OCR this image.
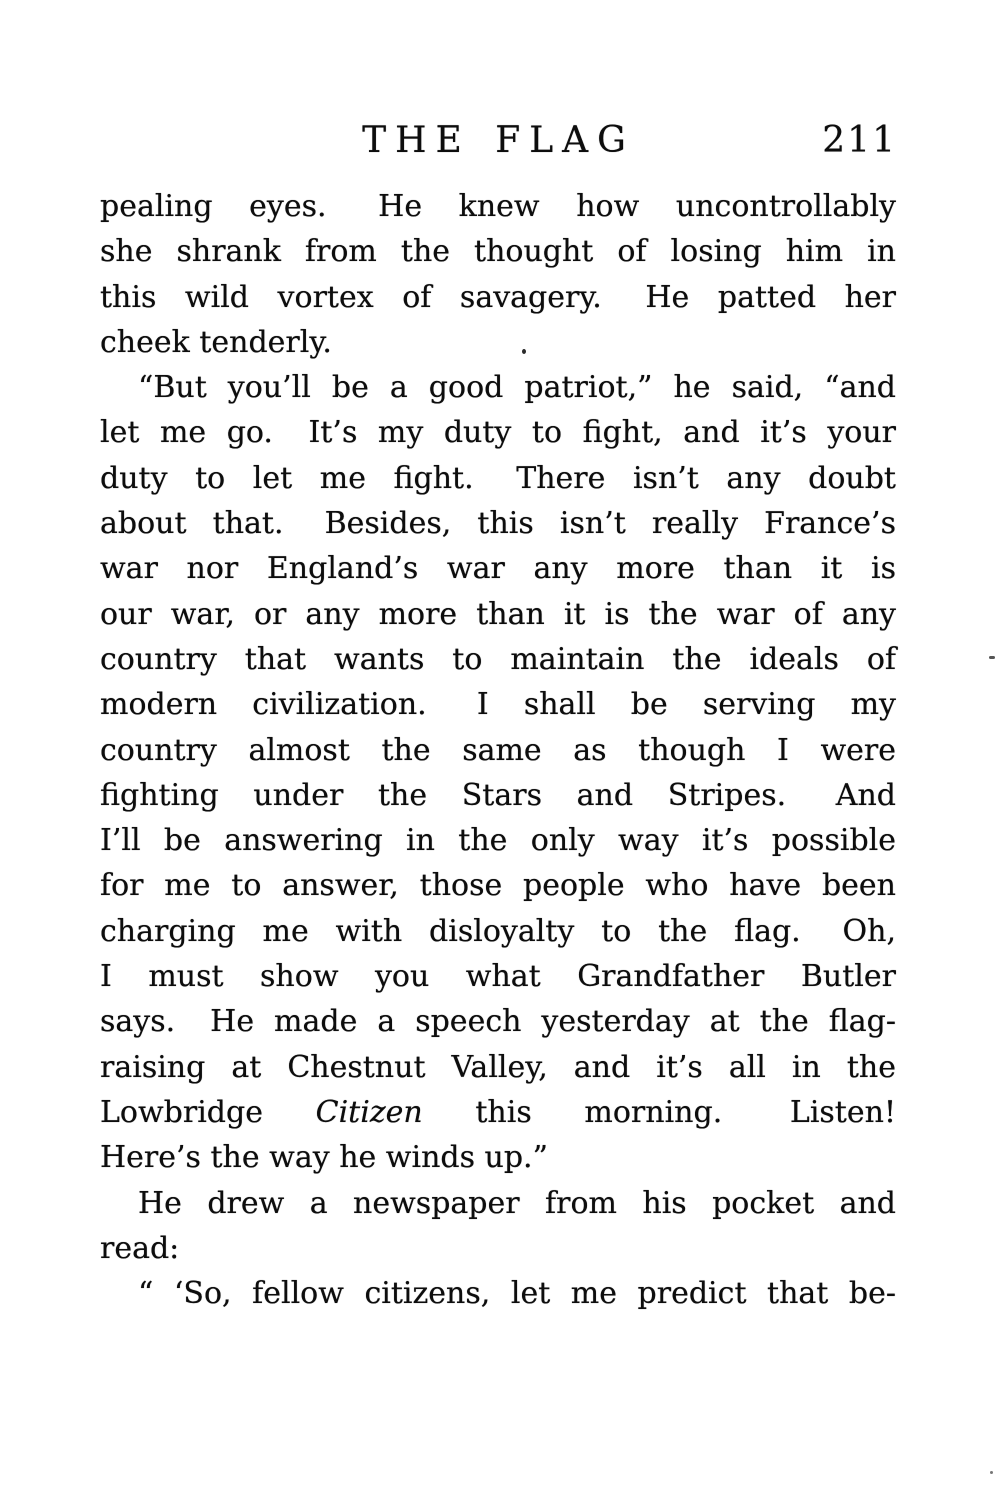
THE FLAG	211
pealing eyes.  He knew how uncontrollably
she shrank from the thought of losing him in
this wild vortex of savagery.  He patted her
cheek tenderly.
“But you’ll be a good patriot,” he said, “and
let me go.  It’s my duty to fight, and it’s your
duty to let me fight.  There isn’t any doubt
about that.  Besides, this isn’t really France’s
war nor England’s war any more than it is
our war, or any more than it is the war of any
country that wants to maintain the ideals of
modern civilization.  I shall be serving my
country almost the same as though I were
fighting under the Stars and Stripes.  And
I’ll be answering in the only way it’s possible
for me to answer, those people who have been
charging me with disloyalty to the flag.  Oh,
I must show you what Grandfather Butler
says.  He made a speech yesterday at the flag-
raising at Chestnut Valley, and it’s all in the
Lowbridge Citizen this morning.  Listen!
Here’s the way he winds up.”
He drew a newspaper from his pocket and
read:
“ ‘So, fellow citizens, let me predict that be-
